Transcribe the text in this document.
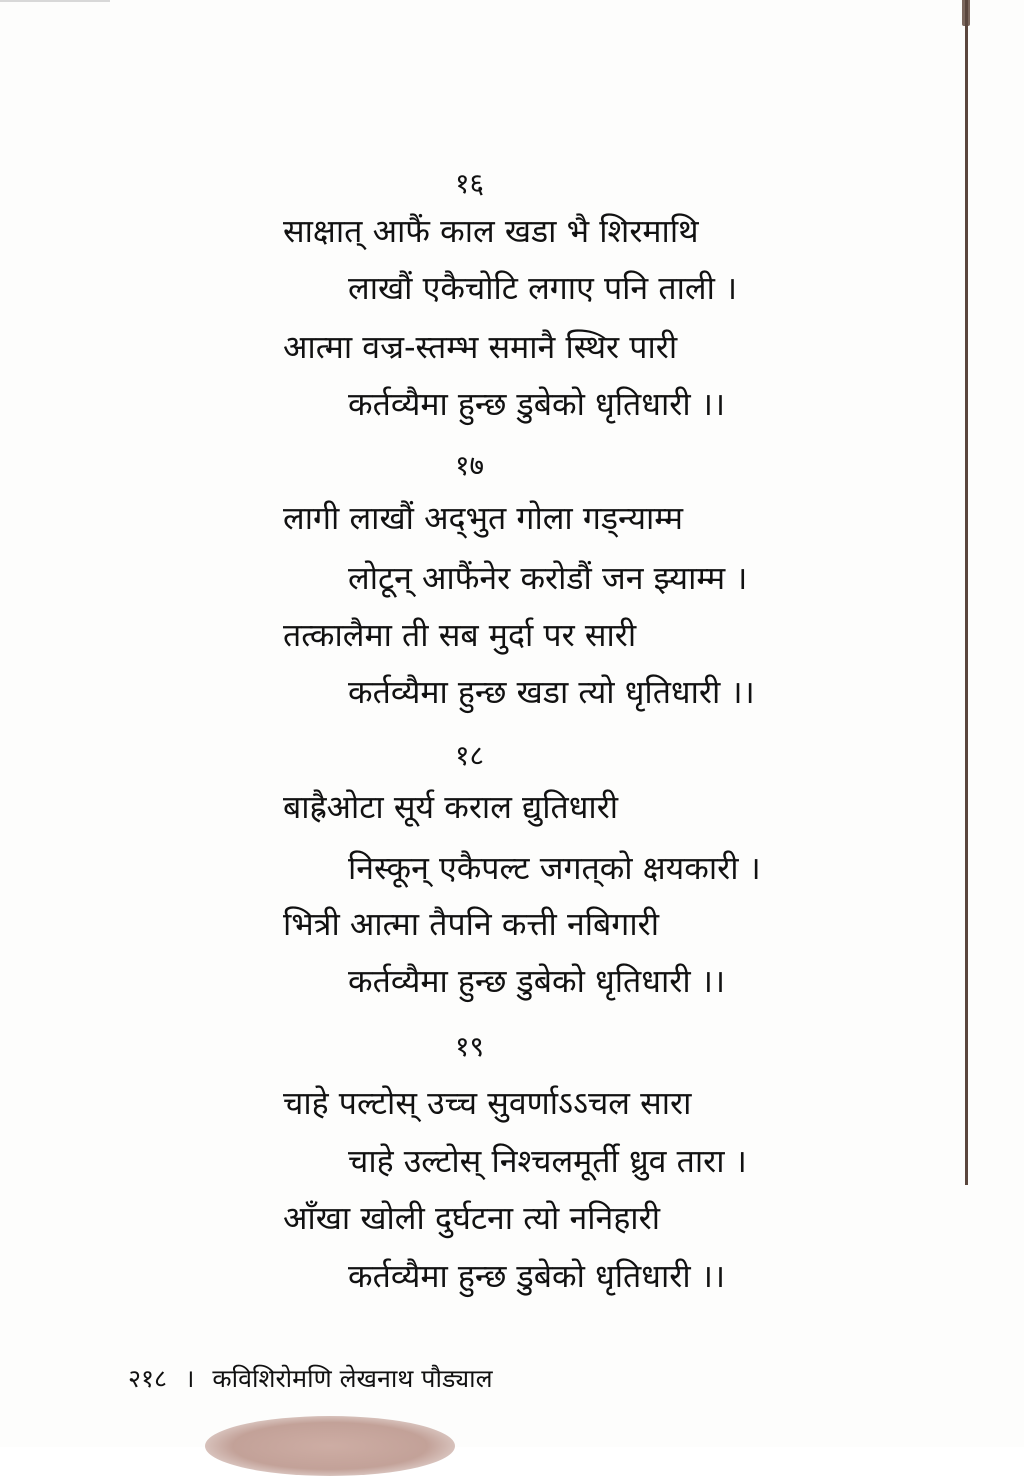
१६
साक्षात् आफैं काल खडा भै शिरमाथि
लाखौं एकैचोटि लगाए पनि ताली ।
आत्मा वज्र-स्तम्भ समानै स्थिर पारी
कर्तव्यैमा हुन्छ डुबेको धृतिधारी ।।
१७
लागी लाखौं अद्‌भुत गोला गड्न्याम्म
लोटून् आफैंनेर करोडौं जन झ्याम्म ।
तत्कालैमा ती सब मुर्दा पर सारी
कर्तव्यैमा हुन्छ खडा त्यो धृतिधारी ।।
१८
बाह्रैओटा सूर्य कराल द्युतिधारी
निस्कून् एकैपल्ट जगत्‌को क्षयकारी ।
भित्री आत्मा तैपनि कत्ती नबिगारी
कर्तव्यैमा हुन्छ डुबेको धृतिधारी ।।
१९
चाहे पल्टोस् उच्च सुवर्णाऽऽचल सारा
चाहे उल्टोस् निश्चलमूर्ती ध्रुव तारा ।
आँखा खोली दुर्घटना त्यो ननिहारी
कर्तव्यैमा हुन्छ डुबेको धृतिधारी ।।
२१८ । कविशिरोमणि लेखनाथ पौड्याल
